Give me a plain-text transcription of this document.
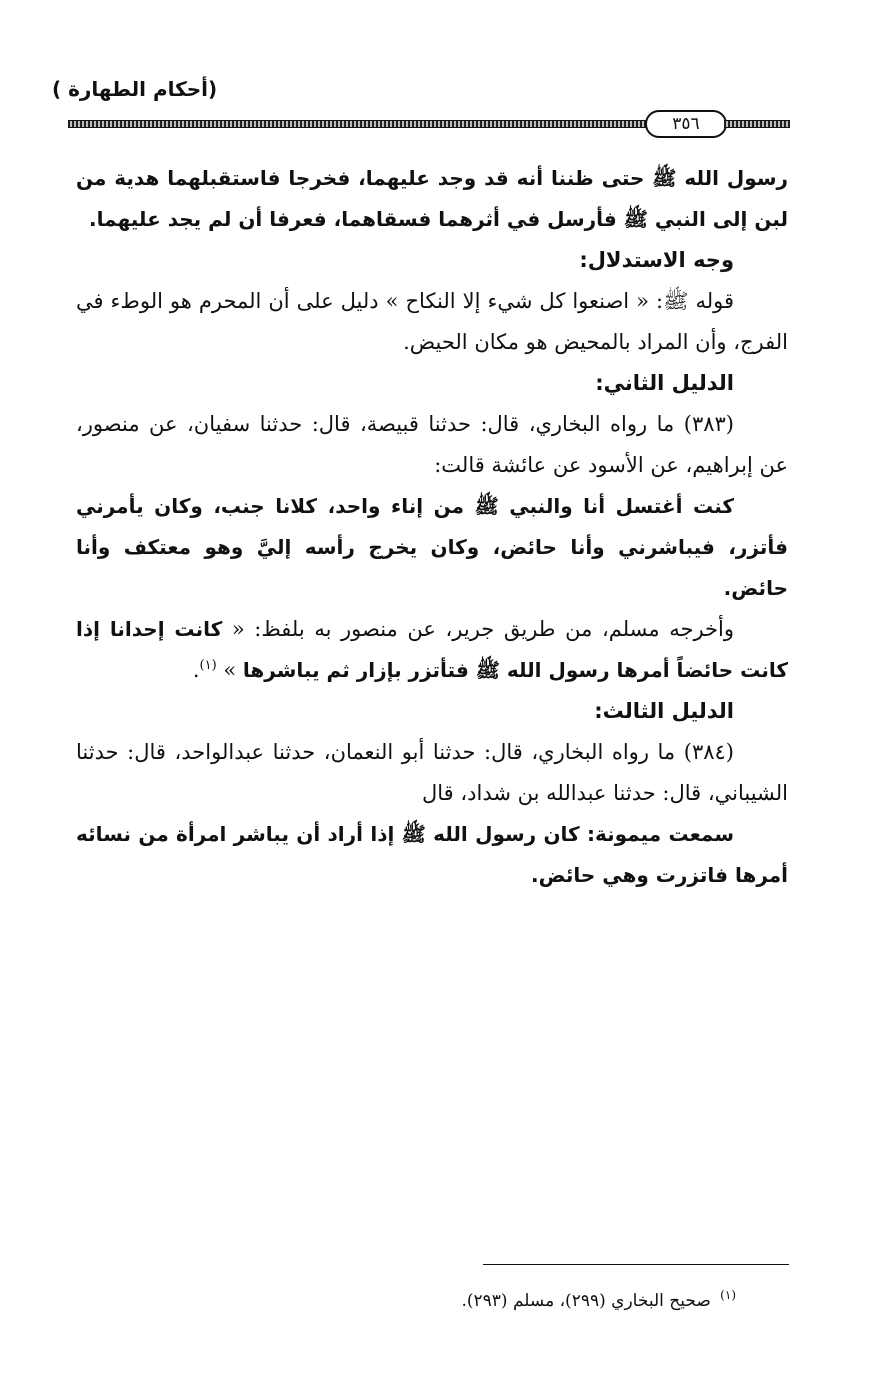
(أحكام الطهارة )
٣٥٦

رسول الله ﷺ حتى ظننا أنه قد وجد عليهما، فخرجا فاستقبلهما هدية من لبن إلى النبي ﷺ فأرسل في أثرهما فسقاهما، فعرفا أن لم يجد عليهما.

وجه الاستدلال:

قوله ﷺ: « اصنعوا كل شيء إلا النكاح » دليل على أن المحرم هو الوطء في الفرج، وأن المراد بالمحيض هو مكان الحيض.

الدليل الثاني:

(٣٨٣) ما رواه البخاري، قال: حدثنا قبيصة، قال: حدثنا سفيان، عن منصور، عن إبراهيم، عن الأسود عن عائشة قالت:

كنت أغتسل أنا والنبي ﷺ من إناء واحد، كلانا جنب، وكان يأمرني فأتزر، فيباشرني وأنا حائض، وكان يخرج رأسه إليَّ وهو معتكف وأنا حائض.

وأخرجه مسلم، من طريق جرير، عن منصور به بلفظ: « كانت إحدانا إذا كانت حائضاً أمرها رسول الله ﷺ فتأتزر بإزار ثم يباشرها » $^{(١)}$.

الدليل الثالث:

(٣٨٤) ما رواه البخاري، قال: حدثنا أبو النعمان، حدثنا عبدالواحد، قال: حدثنا الشيباني، قال: حدثنا عبدالله بن شداد، قال

سمعت ميمونة: كان رسول الله ﷺ إذا أراد أن يباشر امرأة من نسائه أمرها فاتزرت وهي حائض.

$^{(١)}$ صحيح البخاري (٢٩٩)، مسلم (٢٩٣).
